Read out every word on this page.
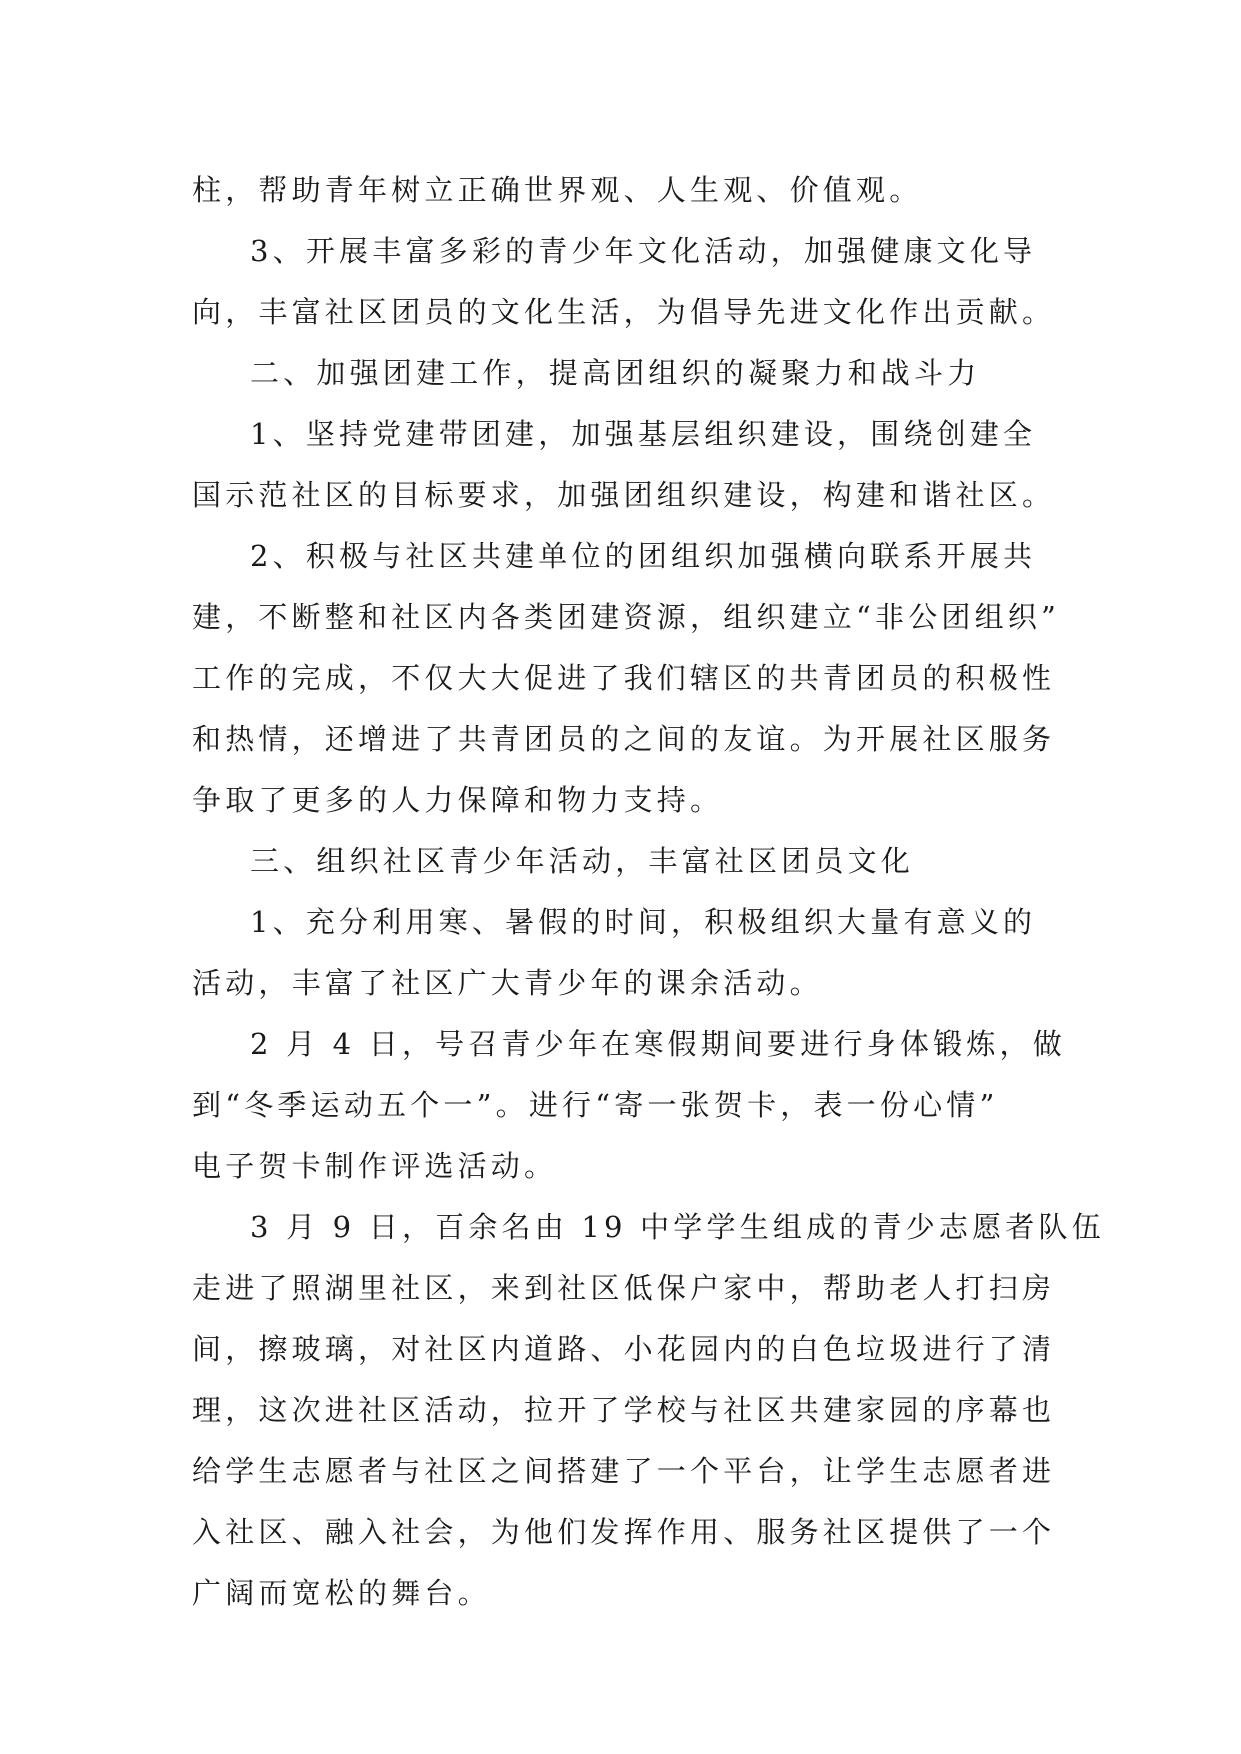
柱，帮助青年树立正确世界观、人生观、价值观。
3、开展丰富多彩的青少年文化活动，加强健康文化导
向，丰富社区团员的文化生活，为倡导先进文化作出贡献。
二、加强团建工作，提高团组织的凝聚力和战斗力
1、坚持党建带团建，加强基层组织建设，围绕创建全
国示范社区的目标要求，加强团组织建设，构建和谐社区。
2、积极与社区共建单位的团组织加强横向联系开展共
建，不断整和社区内各类团建资源，组织建立“非公团组织”
工作的完成，不仅大大促进了我们辖区的共青团员的积极性
和热情，还增进了共青团员的之间的友谊。为开展社区服务
争取了更多的人力保障和物力支持。
三、组织社区青少年活动，丰富社区团员文化
1、充分利用寒、暑假的时间，积极组织大量有意义的
活动，丰富了社区广大青少年的课余活动。
2 月 4 日，号召青少年在寒假期间要进行身体锻炼，做
到“冬季运动五个一”。进行“寄一张贺卡，表一份心情”
电子贺卡制作评选活动。
3 月 9 日，百余名由 19 中学学生组成的青少志愿者队伍
走进了照湖里社区，来到社区低保户家中，帮助老人打扫房
间，擦玻璃，对社区内道路、小花园内的白色垃圾进行了清
理，这次进社区活动，拉开了学校与社区共建家园的序幕也
给学生志愿者与社区之间搭建了一个平台，让学生志愿者进
入社区、融入社会，为他们发挥作用、服务社区提供了一个
广阔而宽松的舞台。
